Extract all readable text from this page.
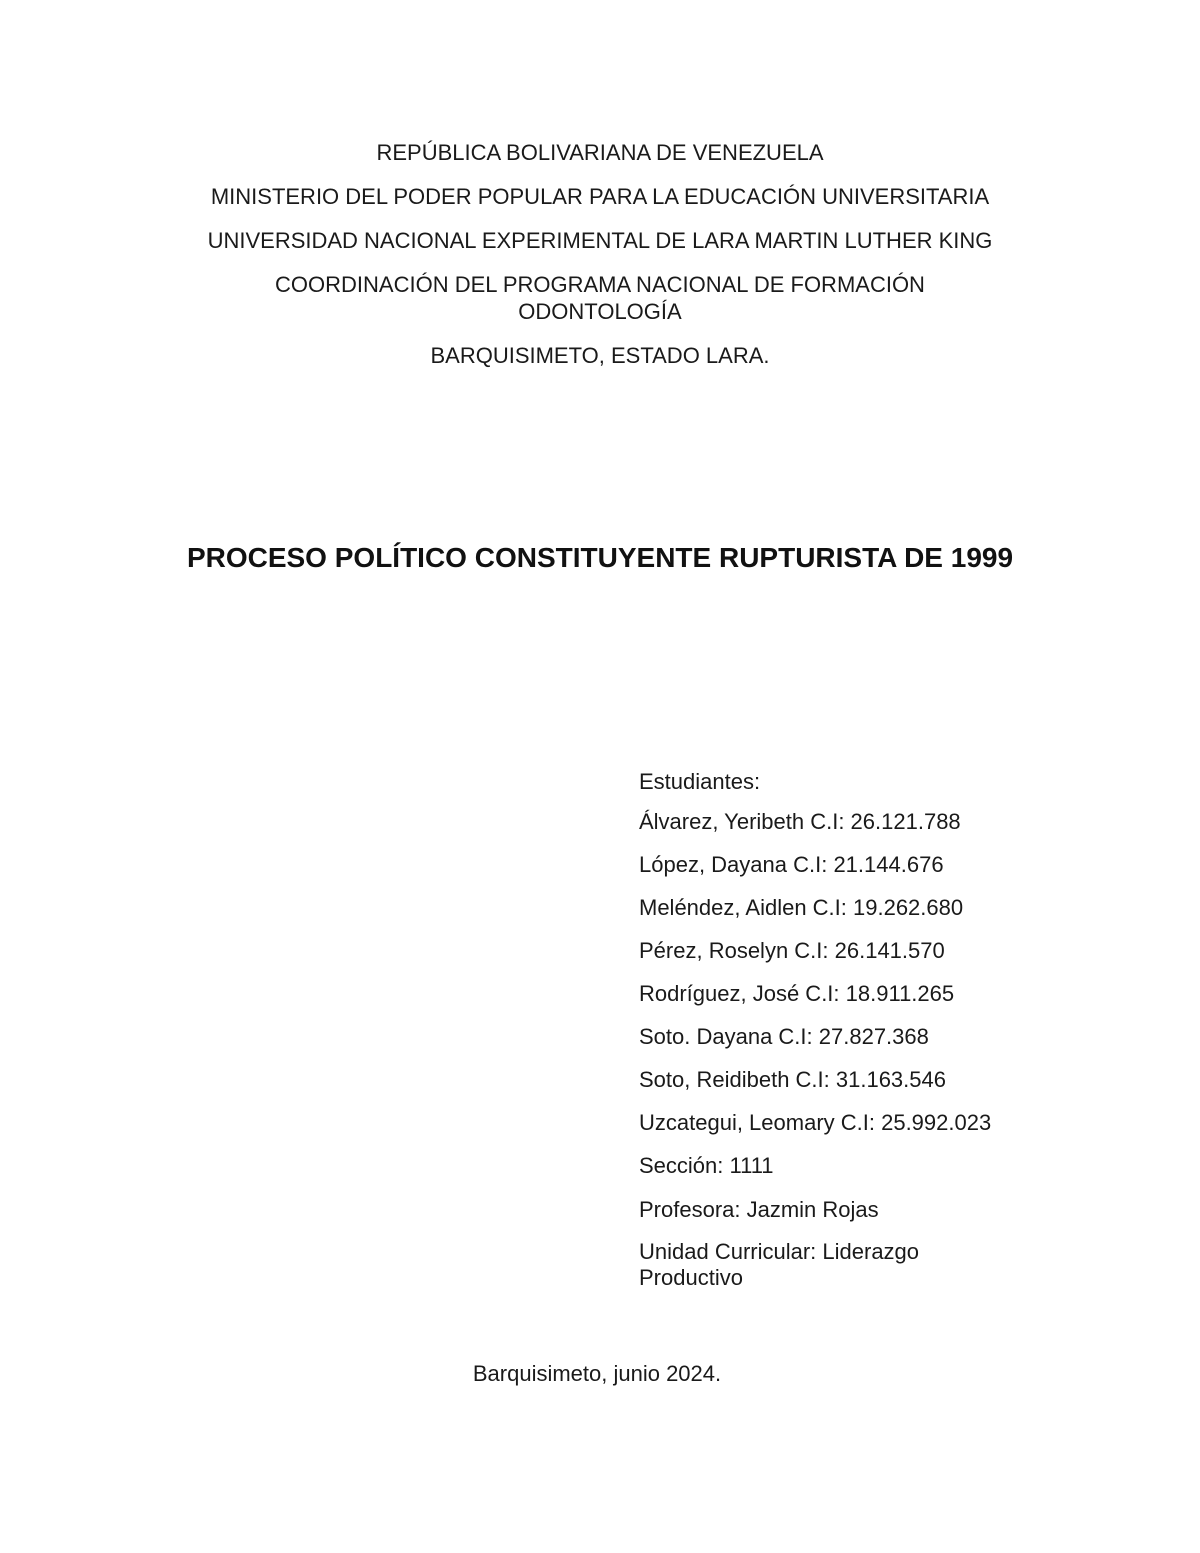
REPÚBLICA BOLIVARIANA DE VENEZUELA
MINISTERIO DEL PODER POPULAR PARA LA EDUCACIÓN UNIVERSITARIA
UNIVERSIDAD NACIONAL EXPERIMENTAL DE LARA MARTIN LUTHER KING
COORDINACIÓN DEL PROGRAMA NACIONAL DE FORMACIÓN ODONTOLOGÍA
BARQUISIMETO, ESTADO LARA.
PROCESO POLÍTICO CONSTITUYENTE RUPTURISTA DE 1999
Estudiantes:
Álvarez, Yeribeth C.I: 26.121.788
López, Dayana C.I: 21.144.676
Meléndez, Aidlen C.I: 19.262.680
Pérez, Roselyn C.I: 26.141.570
Rodríguez, José C.I: 18.911.265
Soto. Dayana C.I: 27.827.368
Soto, Reidibeth C.I: 31.163.546
Uzcategui, Leomary C.I: 25.992.023
Sección: 1111
Profesora: Jazmin Rojas
Unidad Curricular: Liderazgo Productivo
Barquisimeto, junio 2024.
